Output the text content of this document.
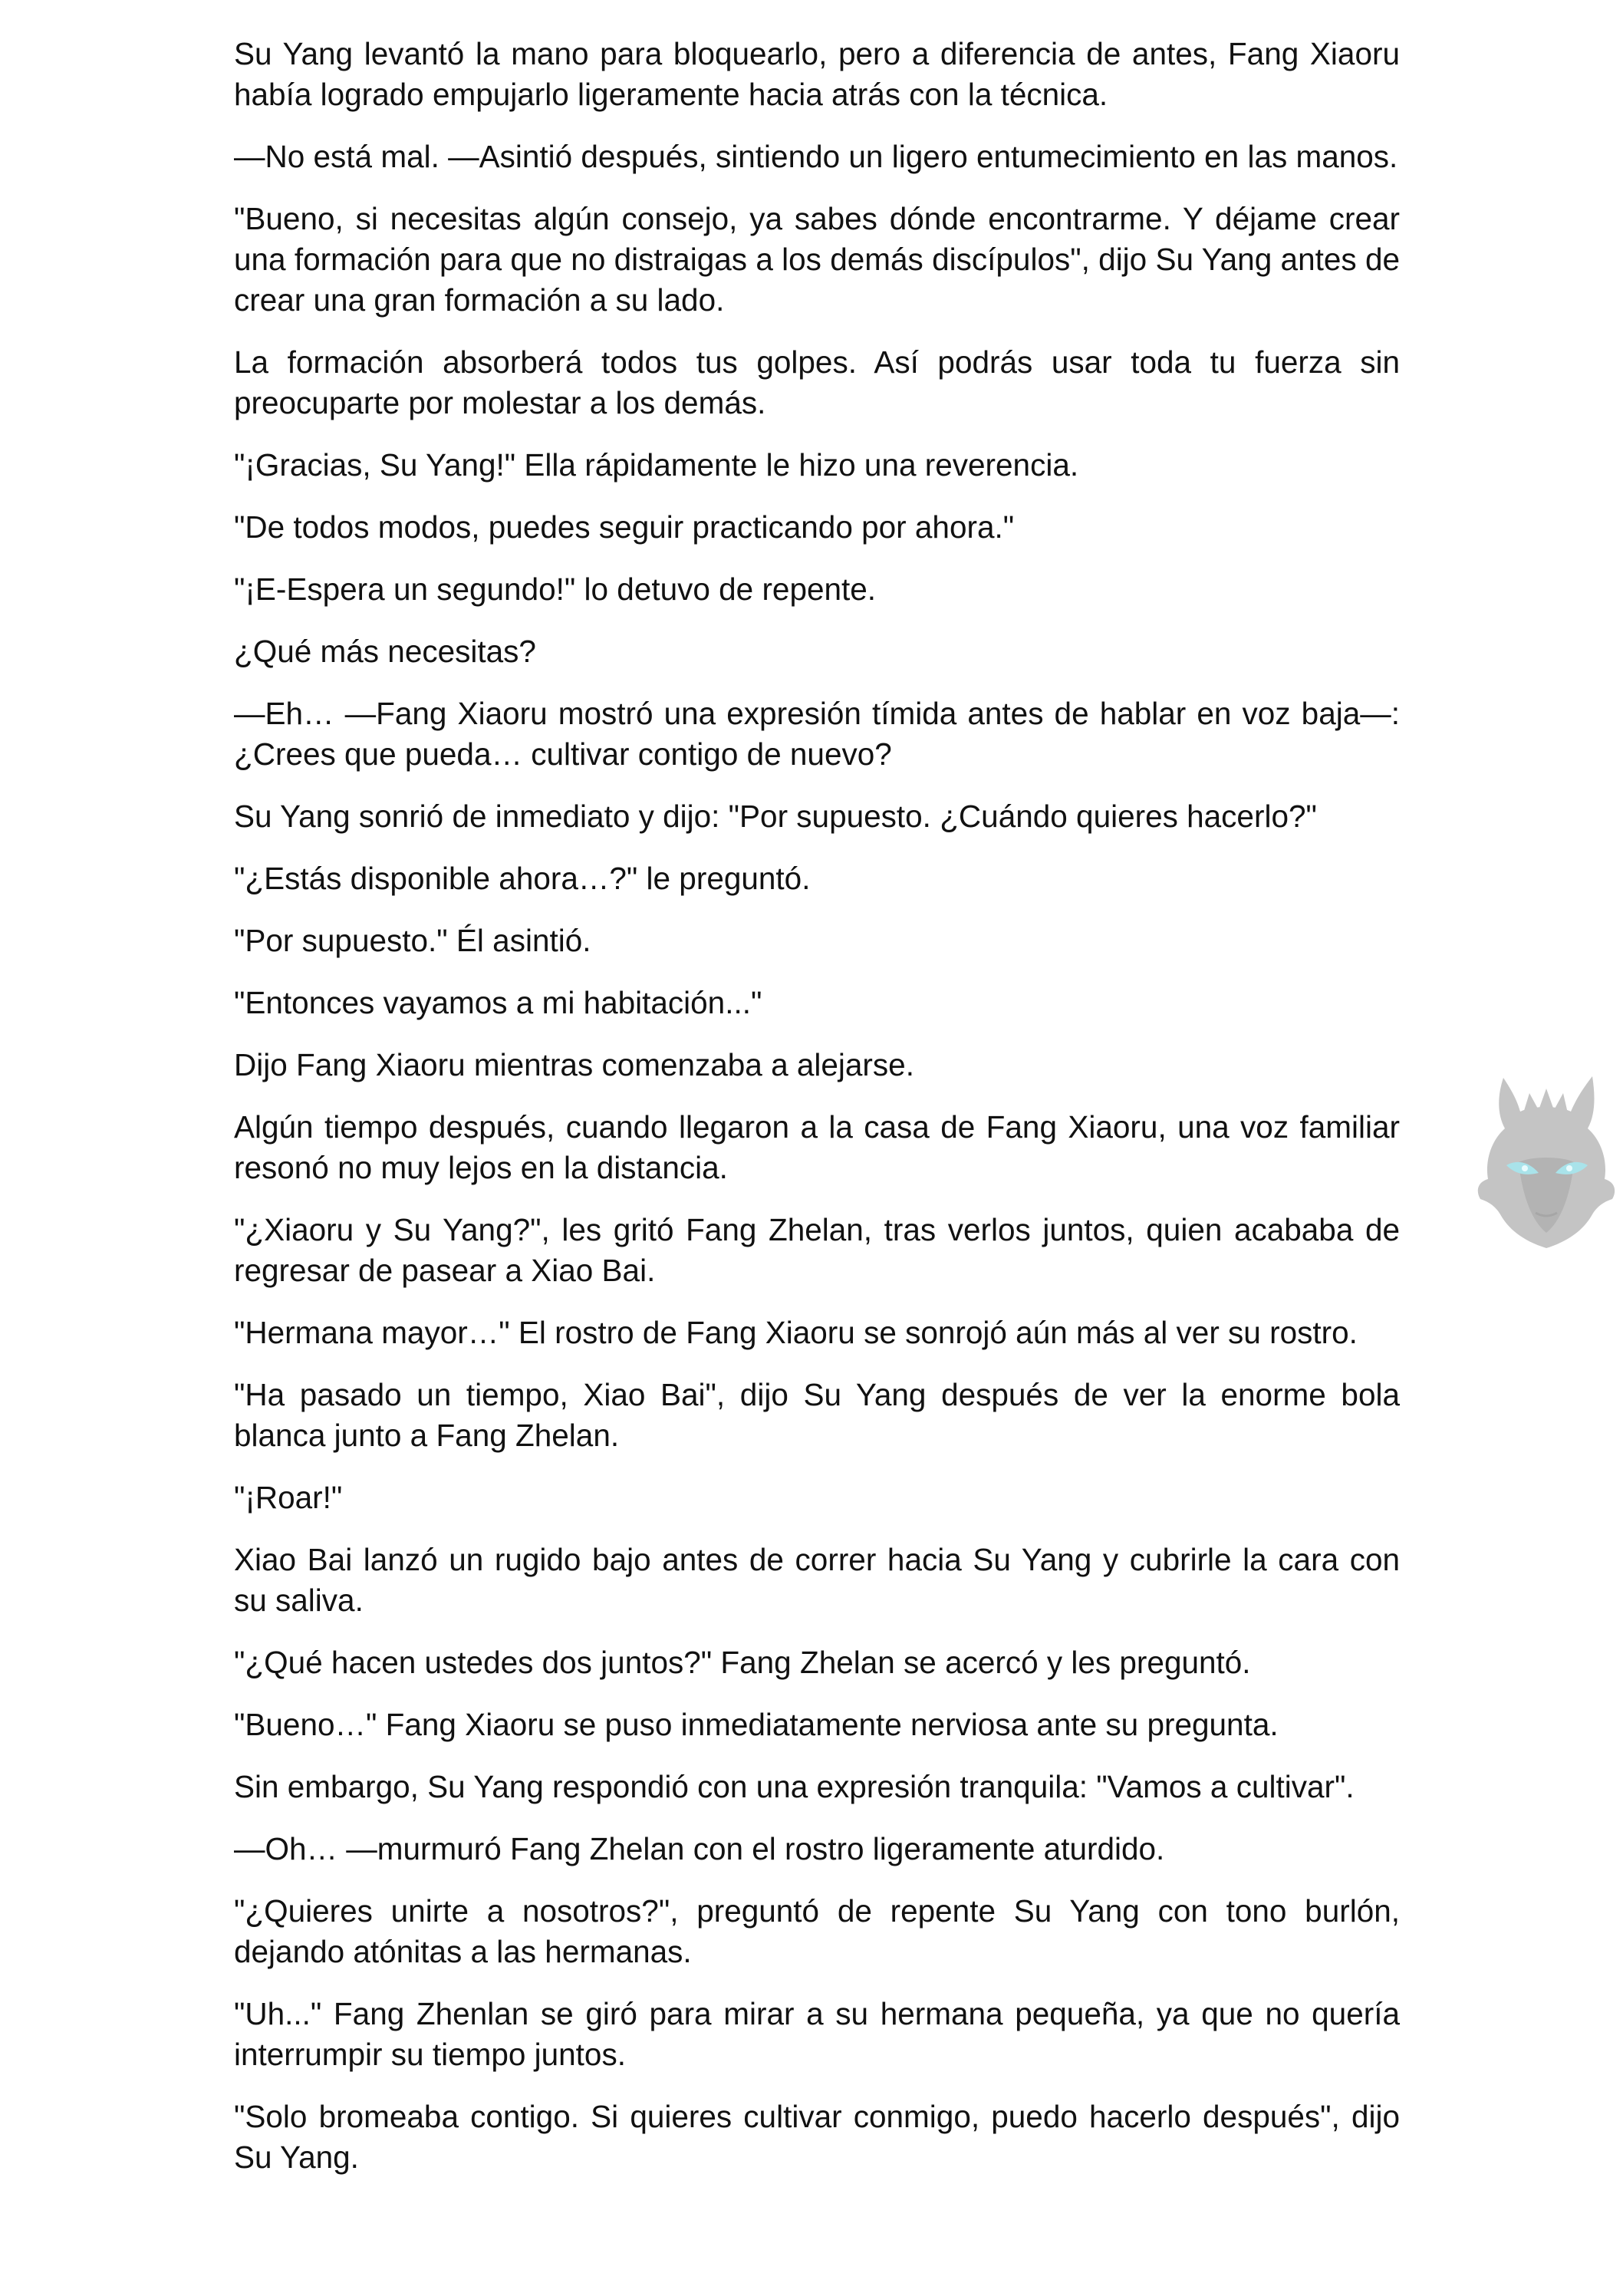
Su Yang levantó la mano para bloquearlo, pero a diferencia de antes, Fang Xiaoru había logrado empujarlo ligeramente hacia atrás con la técnica.

—No está mal. —Asintió después, sintiendo un ligero entumecimiento en las manos.

"Bueno, si necesitas algún consejo, ya sabes dónde encontrarme. Y déjame crear una formación para que no distraigas a los demás discípulos", dijo Su Yang antes de crear una gran formación a su lado.

La formación absorberá todos tus golpes. Así podrás usar toda tu fuerza sin preocuparte por molestar a los demás.

"¡Gracias, Su Yang!" Ella rápidamente le hizo una reverencia.

"De todos modos, puedes seguir practicando por ahora."

"¡E-Espera un segundo!" lo detuvo de repente.

¿Qué más necesitas?

—Eh… —Fang Xiaoru mostró una expresión tímida antes de hablar en voz baja—: ¿Crees que pueda… cultivar contigo de nuevo?

Su Yang sonrió de inmediato y dijo: "Por supuesto. ¿Cuándo quieres hacerlo?"

"¿Estás disponible ahora…?" le preguntó.

"Por supuesto." Él asintió.

"Entonces vayamos a mi habitación..."

Dijo Fang Xiaoru mientras comenzaba a alejarse.

Algún tiempo después, cuando llegaron a la casa de Fang Xiaoru, una voz familiar resonó no muy lejos en la distancia.

"¿Xiaoru y Su Yang?", les gritó Fang Zhelan, tras verlos juntos, quien acababa de regresar de pasear a Xiao Bai.

"Hermana mayor…" El rostro de Fang Xiaoru se sonrojó aún más al ver su rostro.

"Ha pasado un tiempo, Xiao Bai", dijo Su Yang después de ver la enorme bola blanca junto a Fang Zhelan.

"¡Roar!"

Xiao Bai lanzó un rugido bajo antes de correr hacia Su Yang y cubrirle la cara con su saliva.

"¿Qué hacen ustedes dos juntos?" Fang Zhelan se acercó y les preguntó.

"Bueno…" Fang Xiaoru se puso inmediatamente nerviosa ante su pregunta.

Sin embargo, Su Yang respondió con una expresión tranquila: "Vamos a cultivar".

—Oh… —murmuró Fang Zhelan con el rostro ligeramente aturdido.

"¿Quieres unirte a nosotros?", preguntó de repente Su Yang con tono burlón, dejando atónitas a las hermanas.

"Uh..." Fang Zhenlan se giró para mirar a su hermana pequeña, ya que no quería interrumpir su tiempo juntos.

"Solo bromeaba contigo. Si quieres cultivar conmigo, puedo hacerlo después", dijo Su Yang.
